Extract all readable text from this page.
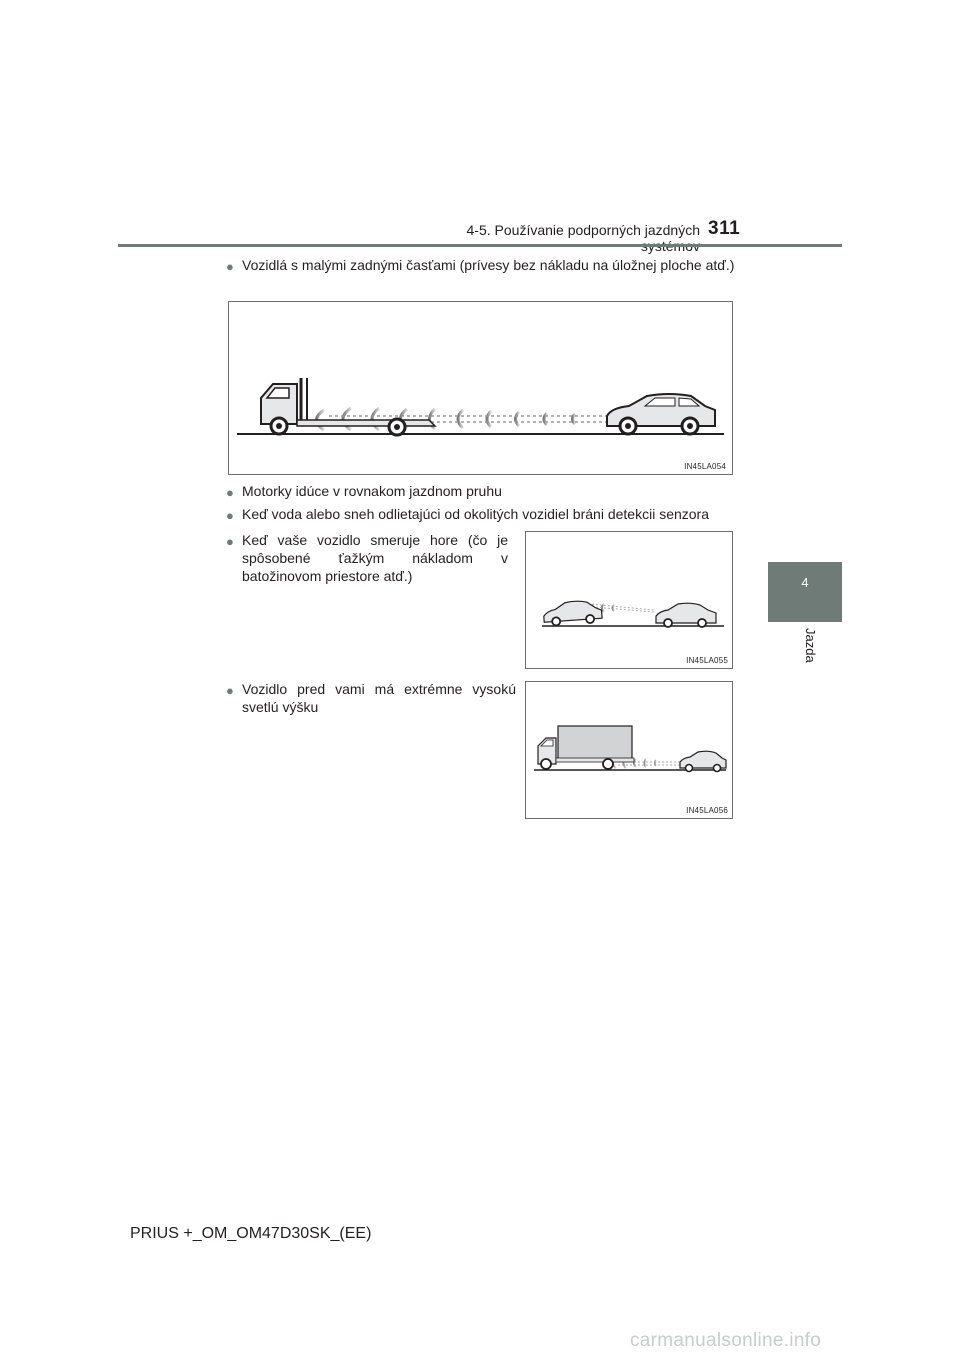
4-5. Používanie podporných jazdných 311
4
Jazda
● Vozidlá s malými zadnými časťami (prívesy bez nákladu na úložnej ploche atď.)
IN45LA054
● Motorky idúce v rovnakom jazdnom pruhu
● Keď voda alebo sneh odlietajúci od okolitých vozidiel bráni detekcii senzora
● Keď vaše vozidlo smeruje hore (čo je spôsobené ťažkým nákladom v batožinovom priestore atď.)
IN45LA055
● Vozidlo pred vami má extrémne vysokú svetlú výšku
IN45LA056
PRIUS +_OM_OM47D30SK_(EE)
carmanualsonline.info
